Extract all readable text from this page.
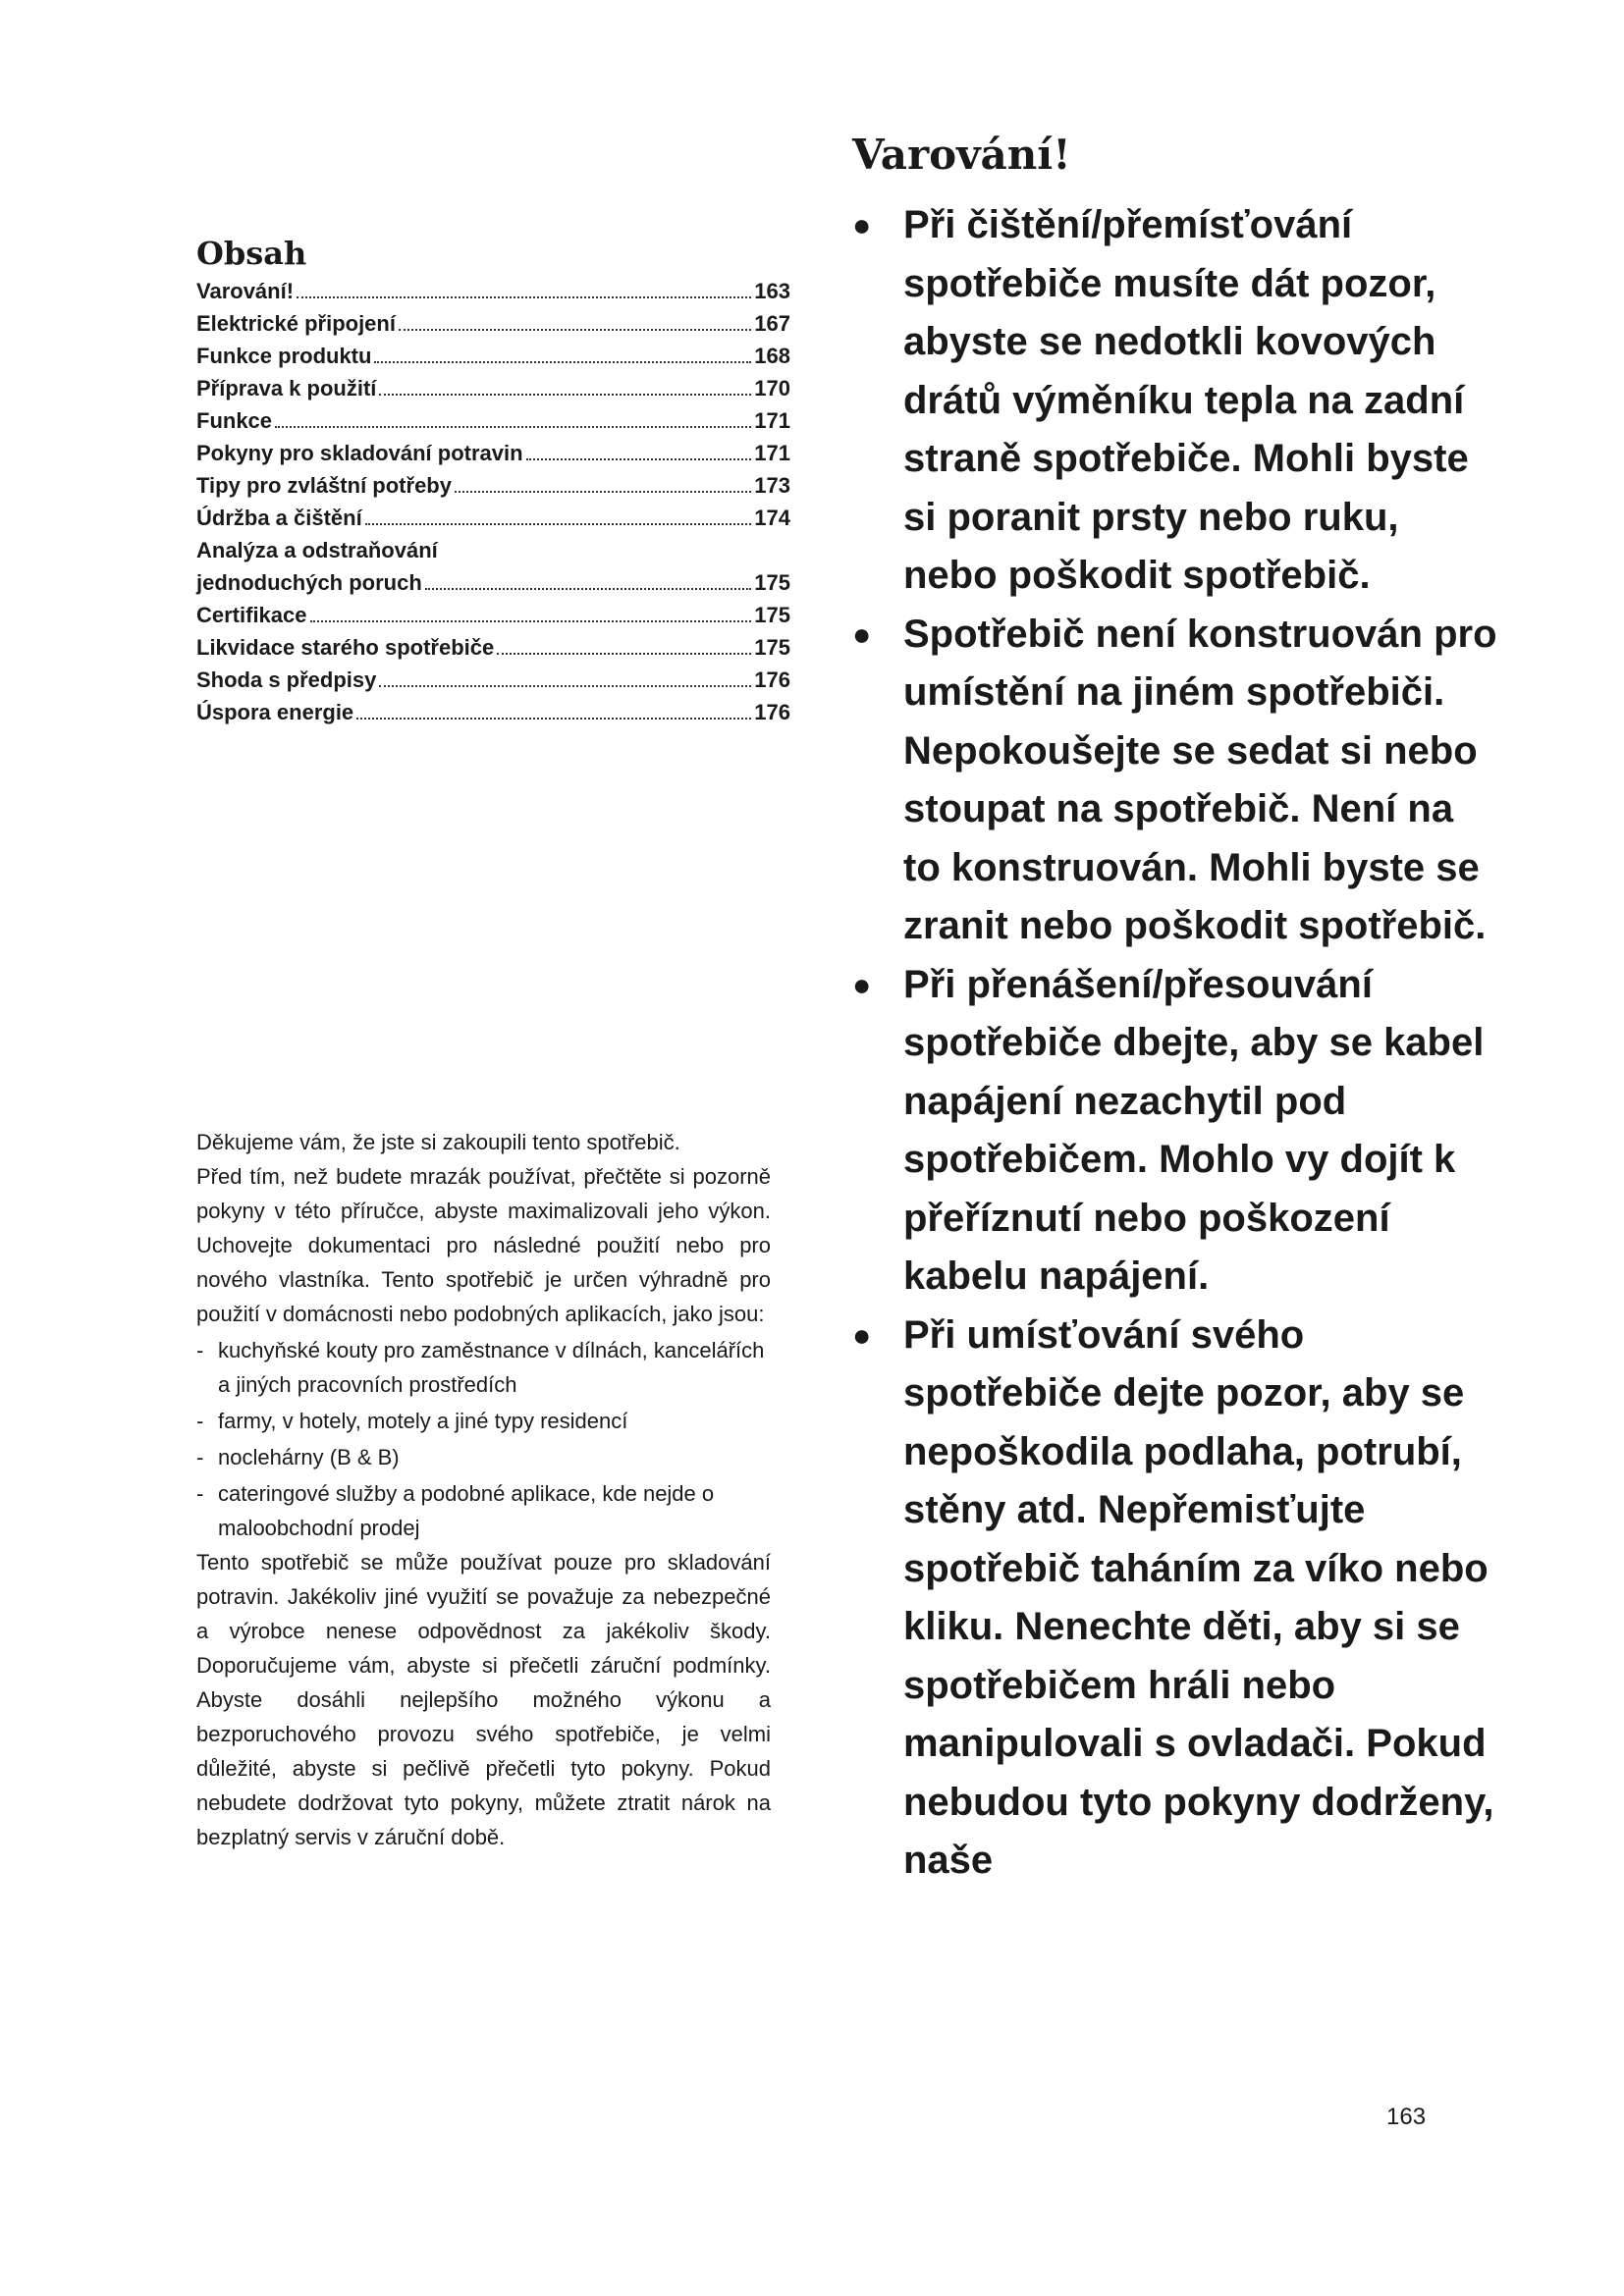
Obsah
Varování!	163
Elektrické připojení	167
Funkce produktu	168
Příprava k použití	170
Funkce	171
Pokyny pro skladování potravin	171
Tipy pro zvláštní potřeby	173
Údržba a čištění	174
Analýza a odstraňování
jednoduchých poruch	175
Certifikace	175
Likvidace starého spotřebiče	175
Shoda s předpisy	176
Úspora energie	176

Děkujeme vám, že jste si zakoupili tento spotřebič.

Před tím, než budete mrazák používat, přečtěte si pozorně pokyny v této příručce, abyste maximalizovali jeho výkon. Uchovejte dokumentaci pro následné použití nebo pro nového vlastníka. Tento spotřebič je určen výhradně pro použití v domácnosti nebo podobných aplikacích, jako jsou:

- kuchyňské kouty pro zaměstnance v dílnách, kancelářích a jiných pracovních prostředích
- farmy, v hotely, motely a jiné typy residencí
- noclehárny (B & B)
- cateringové služby a podobné aplikace, kde nejde o maloobchodní prodej

Tento spotřebič se může používat pouze pro skladování potravin. Jakékoliv jiné využití se považuje za nebezpečné a výrobce nenese odpovědnost za jakékoliv škody. Doporučujeme vám, abyste si přečetli záruční podmínky. Abyste dosáhli nejlepšího možného výkonu a bezporuchového provozu svého spotřebiče, je velmi důležité, abyste si pečlivě přečetli tyto pokyny. Pokud nebudete dodržovat tyto pokyny, můžete ztratit nárok na bezplatný servis v záruční době.

Varování!
● Při čištění/přemísťování spotřebiče musíte dát pozor, abyste se nedotkli kovových drátů výměníku tepla na zadní straně spotřebiče. Mohli byste si poranit prsty nebo ruku, nebo poškodit spotřebič.
● Spotřebič není konstruován pro umístění na jiném spotřebiči. Nepokoušejte se sedat si nebo stoupat na spotřebič. Není na to konstruován. Mohli byste se zranit nebo poškodit spotřebič.
● Při přenášení/přesouvání spotřebiče dbejte, aby se kabel napájení nezachytil pod spotřebičem. Mohlo vy dojít k přeříznutí nebo poškození kabelu napájení.
● Při umísťování svého spotřebiče dejte pozor, aby se nepoškodila podlaha, potrubí, stěny atd. Nepřemisťujte spotřebič taháním za víko nebo kliku. Nenechte děti, aby si se spotřebičem hráli nebo manipulovali s ovladači. Pokud nebudou tyto pokyny dodrženy, naše
163
